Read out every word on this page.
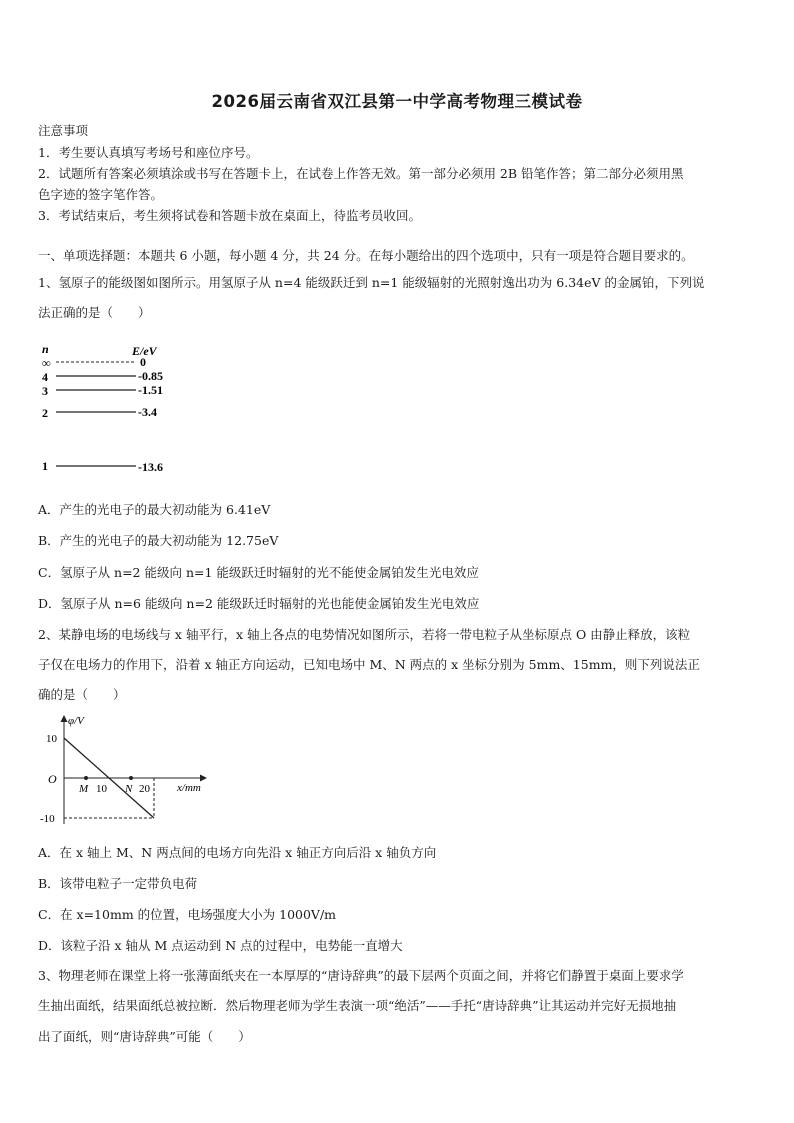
2026届云南省双江县第一中学高考物理三模试卷
注意事项
1．考生要认真填写考场号和座位序号。
2．试题所有答案必须填涂或书写在答题卡上，在试卷上作答无效。第一部分必须用 2B 铅笔作答；第二部分必须用黑
色字迹的签字笔作答。
3．考试结束后，考生须将试卷和答题卡放在桌面上，待监考员收回。
一、单项选择题：本题共 6 小题，每小题 4 分，共 24 分。在每小题给出的四个选项中，只有一项是符合题目要求的。
1、氢原子的能级图如图所示。用氢原子从 n=4 能级跃迁到 n=1 能级辐射的光照射逸出功为 6.34eV 的金属铂，下列说
法正确的是（　　）
n	E/eV
∞
4
3
2
1
0
-0.85
-1.51
-3.4
-13.6
A．产生的光电子的最大初动能为 6.41eV
B．产生的光电子的最大初动能为 12.75eV
C．氢原子从 n=2 能级向 n=1 能级跃迁时辐射的光不能使金属铂发生光电效应
D．氢原子从 n=6 能级向 n=2 能级跃迁时辐射的光也能使金属铂发生光电效应
2、某静电场的电场线与 x 轴平行，x 轴上各点的电势情况如图所示，若将一带电粒子从坐标原点 O 由静止释放，该粒
子仅在电场力的作用下，沿着 x 轴正方向运动，已知电场中 M、N 两点的 x 坐标分别为 5mm、15mm，则下列说法正
确的是（　　）
φ/V
x/mm
O
10
-10
M 10 N 20
A．在 x 轴上 M、N 两点间的电场方向先沿 x 轴正方向后沿 x 轴负方向
B．该带电粒子一定带负电荷
C．在 x=10mm 的位置，电场强度大小为 1000V/m
D．该粒子沿 x 轴从 M 点运动到 N 点的过程中，电势能一直增大
3、物理老师在课堂上将一张薄面纸夹在一本厚厚的“唐诗辞典”的最下层两个页面之间，并将它们静置于桌面上要求学
生抽出面纸，结果面纸总被拉断．然后物理老师为学生表演一项“绝活”——手托“唐诗辞典”让其运动并完好无损地抽
出了面纸，则“唐诗辞典”可能（　　）
